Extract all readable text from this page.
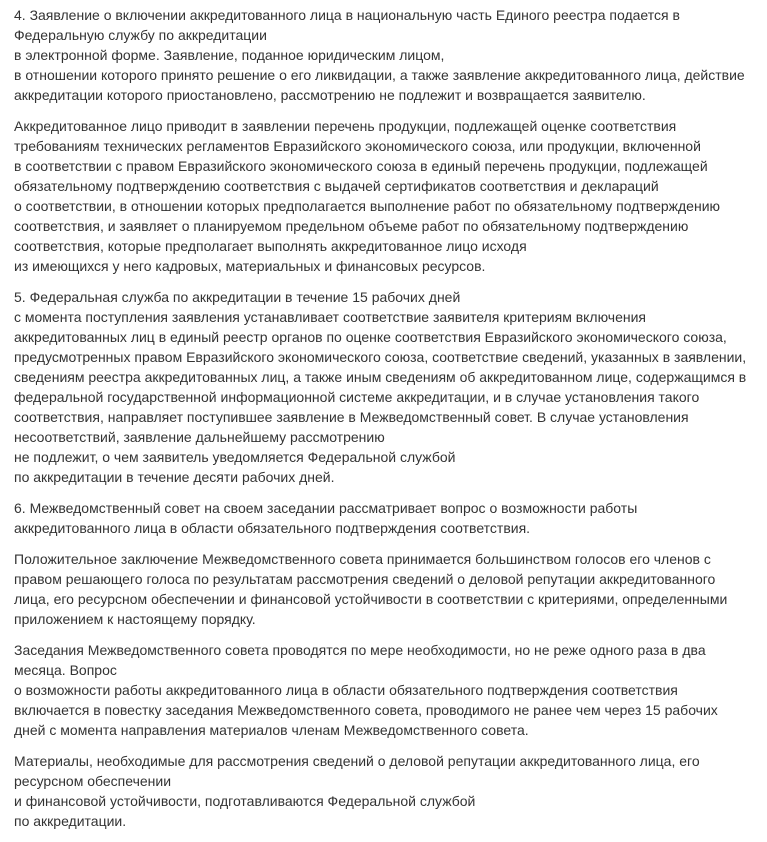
4. Заявление о включении аккредитованного лица в национальную часть Единого реестра подается в
Федеральную службу по аккредитации
в электронной форме. Заявление, поданное юридическим лицом,
в отношении которого принято решение о его ликвидации, а также заявление аккредитованного лица, действие
аккредитации которого приостановлено, рассмотрению не подлежит и возвращается заявителю.

Аккредитованное лицо приводит в заявлении перечень продукции, подлежащей оценке соответствия
требованиям технических регламентов Евразийского экономического союза, или продукции, включенной
в соответствии с правом Евразийского экономического союза в единый перечень продукции, подлежащей
обязательному подтверждению соответствия с выдачей сертификатов соответствия и деклараций
о соответствии, в отношении которых предполагается выполнение работ по обязательному подтверждению
соответствия, и заявляет о планируемом предельном объеме работ по обязательному подтверждению
соответствия, которые предполагает выполнять аккредитованное лицо исходя
из имеющихся у него кадровых, материальных и финансовых ресурсов.

5. Федеральная служба по аккредитации в течение 15 рабочих дней
с момента поступления заявления устанавливает соответствие заявителя критериям включения
аккредитованных лиц в единый реестр органов по оценке соответствия Евразийского экономического союза,
предусмотренных правом Евразийского экономического союза, соответствие сведений, указанных в заявлении,
сведениям реестра аккредитованных лиц, а также иным сведениям об аккредитованном лице, содержащимся в
федеральной государственной информационной системе аккредитации, и в случае установления такого
соответствия, направляет поступившее заявление в Межведомственный совет. В случае установления
несоответствий, заявление дальнейшему рассмотрению
не подлежит, о чем заявитель уведомляется Федеральной службой
по аккредитации в течение десяти рабочих дней.

6. Межведомственный совет на своем заседании рассматривает вопрос о возможности работы
аккредитованного лица в области обязательного подтверждения соответствия.

Положительное заключение Межведомственного совета принимается большинством голосов его членов с
правом решающего голоса по результатам рассмотрения сведений о деловой репутации аккредитованного
лица, его ресурсном обеспечении и финансовой устойчивости в соответствии с критериями, определенными
приложением к настоящему порядку.

Заседания Межведомственного совета проводятся по мере необходимости, но не реже одного раза в два
месяца. Вопрос
о возможности работы аккредитованного лица в области обязательного подтверждения соответствия
включается в повестку заседания Межведомственного совета, проводимого не ранее чем через 15 рабочих
дней с момента направления материалов членам Межведомственного совета.

Материалы, необходимые для рассмотрения сведений о деловой репутации аккредитованного лица, его
ресурсном обеспечении
и финансовой устойчивости, подготавливаются Федеральной службой
по аккредитации.
